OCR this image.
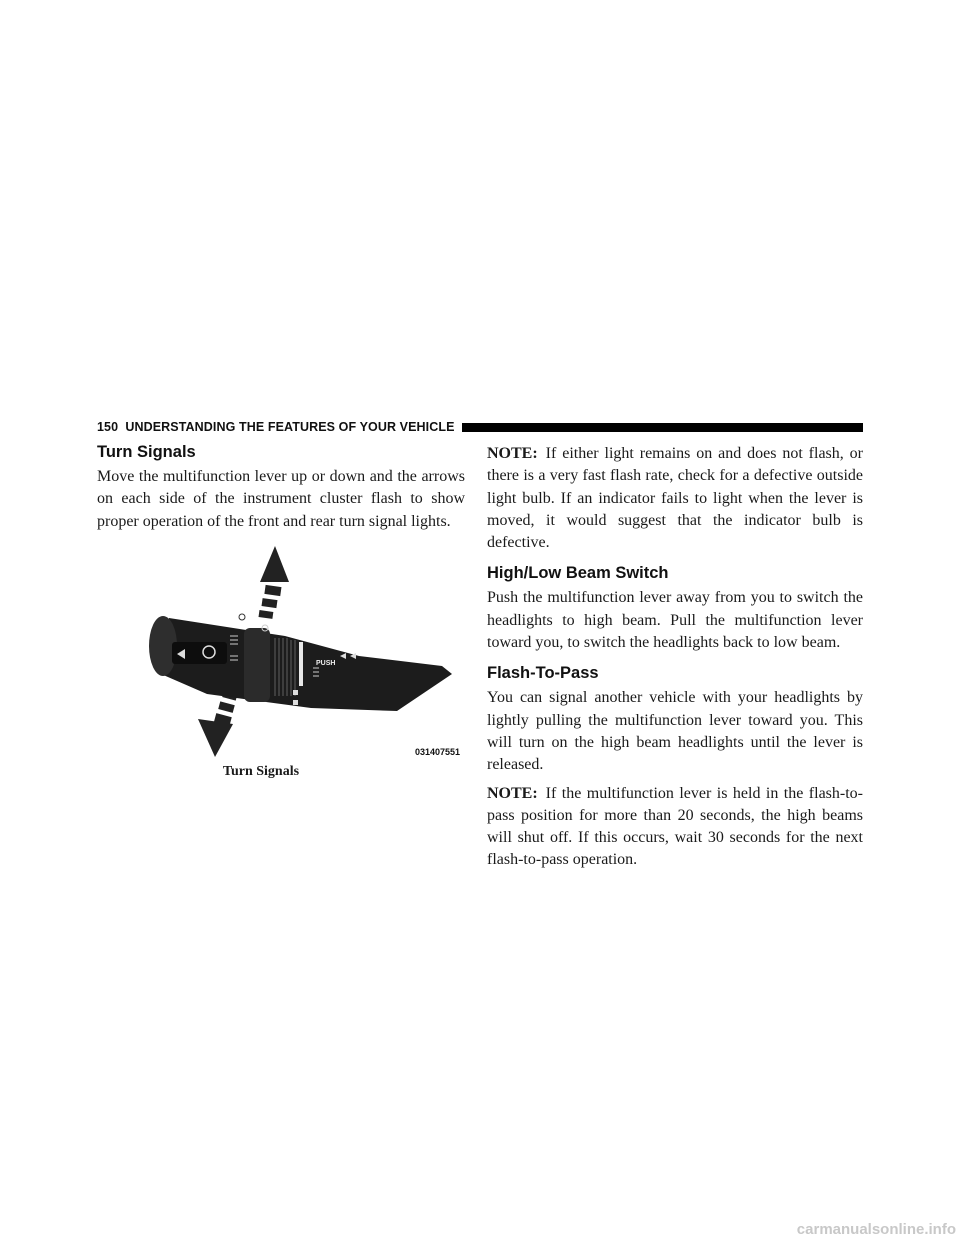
150 UNDERSTANDING THE FEATURES OF YOUR VEHICLE
Turn Signals

Move the multifunction lever up or down and the arrows on each side of the instrument cluster flash to show proper operation of the front and rear turn signal lights.

PUSH
031407551
Turn Signals

NOTE: If either light remains on and does not flash, or there is a very fast flash rate, check for a defective outside light bulb. If an indicator fails to light when the lever is moved, it would suggest that the indicator bulb is defective.

High/Low Beam Switch

Push the multifunction lever away from you to switch the headlights to high beam. Pull the multifunction lever toward you, to switch the headlights back to low beam.

Flash-To-Pass

You can signal another vehicle with your headlights by lightly pulling the multifunction lever toward you. This will turn on the high beam headlights until the lever is released.

NOTE: If the multifunction lever is held in the flash-to-pass position for more than 20 seconds, the high beams will shut off. If this occurs, wait 30 seconds for the next flash-to-pass operation.

carmanualsonline.info
